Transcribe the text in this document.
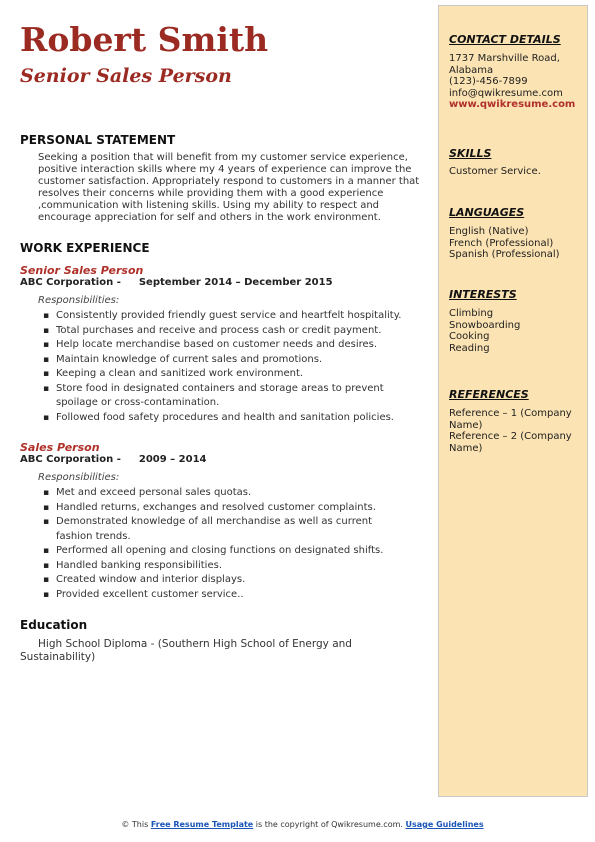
Robert Smith
Senior Sales Person
PERSONAL STATEMENT
Seeking a position that will benefit from my customer service experience, positive interaction skills where my 4 years of experience can improve the customer satisfaction. Appropriately respond to customers in a manner that resolves their concerns while providing them with a good experience ,communication with listening skills. Using my ability to respect and encourage appreciation for self and others in the work environment.
WORK EXPERIENCE
Senior Sales Person
ABC Corporation - September 2014 – December 2015
Responsibilities:
▪ Consistently provided friendly guest service and heartfelt hospitality.
▪ Total purchases and receive and process cash or credit payment.
▪ Help locate merchandise based on customer needs and desires.
▪ Maintain knowledge of current sales and promotions.
▪ Keeping a clean and sanitized work environment.
▪ Store food in designated containers and storage areas to prevent spoilage or cross-contamination.
▪ Followed food safety procedures and health and sanitation policies.
Sales Person
ABC Corporation - 2009 – 2014
Responsibilities:
▪ Met and exceed personal sales quotas.
▪ Handled returns, exchanges and resolved customer complaints.
▪ Demonstrated knowledge of all merchandise as well as current fashion trends.
▪ Performed all opening and closing functions on designated shifts.
▪ Handled banking responsibilities.
▪ Created window and interior displays.
▪ Provided excellent customer service..
Education
High School Diploma - (Southern High School of Energy and Sustainability)
CONTACT DETAILS
1737 Marshville Road, Alabama
(123)-456-7899
info@qwikresume.com
www.qwikresume.com
SKILLS
Customer Service.
LANGUAGES
English (Native)
French (Professional)
Spanish (Professional)
INTERESTS
Climbing
Snowboarding
Cooking
Reading
REFERENCES
Reference – 1 (Company Name)
Reference – 2 (Company Name)
© This Free Resume Template is the copyright of Qwikresume.com. Usage Guidelines
